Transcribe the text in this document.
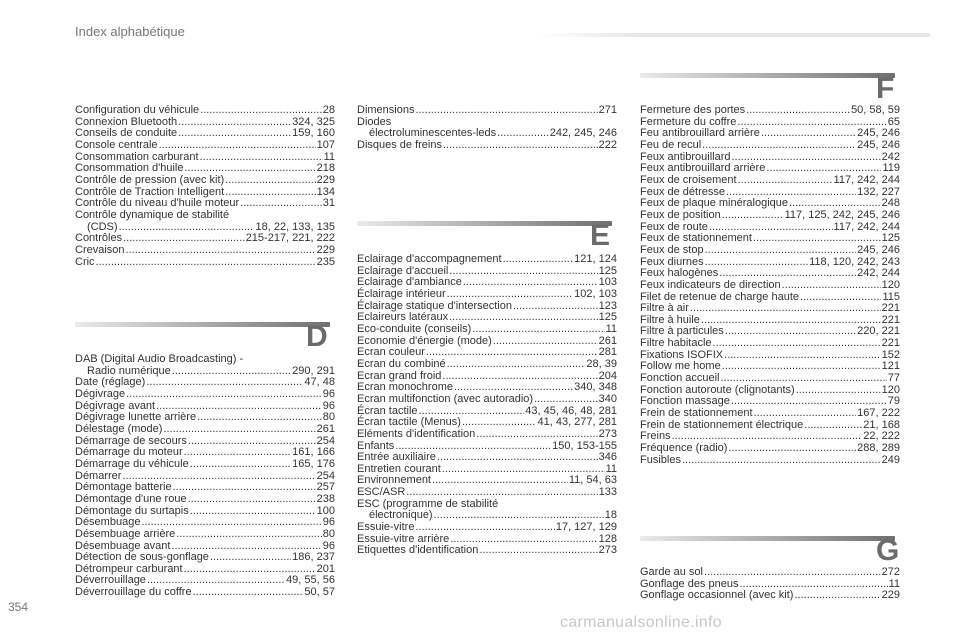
Index alphabétique
Configuration du véhicule .....	28
Connexion Bluetooth .....	324, 325
Conseils de conduite .....	159, 160
Console centrale .....	107
Consommation carburant .....	11
Consommation d'huile .....	218
Contrôle de pression (avec kit) .....	229
Contrôle de Traction Intelligent .....	134
Contrôle du niveau d'huile moteur .....	31
Contrôle dynamique de stabilité
(CDS) .....	18, 22, 133, 135
Contrôles .....	215-217, 221, 222
Crevaison .....	229
Cric .....	235
D
DAB (Digital Audio Broadcasting) -
Radio numérique .....	290, 291
Date (réglage) .....	47, 48
Dégivrage .....	96
Dégivrage avant .....	96
Dégivrage lunette arrière .....	80
Délestage (mode) .....	261
Démarrage de secours .....	254
Démarrage du moteur .....	161, 166
Démarrage du véhicule .....	165, 176
Démarrer .....	254
Démontage batterie .....	257
Démontage d'une roue .....	238
Démontage du surtapis .....	100
Désembuage .....	96
Désembuage arrière .....	80
Désembuage avant .....	96
Détection de sous-gonflage .....	186, 237
Détrompeur carburant .....	201
Déverrouillage .....	49, 55, 56
Déverrouillage du coffre .....	50, 57
Dimensions .....	271
Diodes
électroluminescentes-leds .....	242, 245, 246
Disques de freins .....	222
E
Eclairage d'accompagnement .....	121, 124
Eclairage d'accueil .....	125
Eclairage d'ambiance .....	103
Éclairage intérieur .....	102, 103
Éclairage statique d'intersection .....	123
Eclaireurs latéraux .....	125
Eco-conduite (conseils) .....	11
Economie d'énergie (mode) .....	261
Ecran couleur .....	281
Ecran du combiné .....	28, 39
Ecran grand froid .....	204
Ecran monochrome .....	340, 348
Ecran multifonction (avec autoradio) .....	340
Écran tactile .....	43, 45, 46, 48, 281
Écran tactile (Menus) .....	41, 43, 277, 281
Eléments d'identification .....	273
Enfants .....	150, 153-155
Entrée auxiliaire .....	346
Entretien courant .....	11
Environnement .....	11, 54, 63
ESC/ASR .....	133
ESC (programme de stabilité
électronique) .....	18
Essuie-vitre .....	17, 127, 129
Essuie-vitre arrière .....	128
Etiquettes d'identification .....	273
F
Fermeture des portes .....	50, 58, 59
Fermeture du coffre .....	65
Feu antibrouillard arrière .....	245, 246
Feu de recul .....	245, 246
Feux antibrouillard .....	242
Feux antibrouillard arrière .....	119
Feux de croisement .....	117, 242, 244
Feux de détresse .....	132, 227
Feux de plaque minéralogique .....	248
Feux de position .....	117, 125, 242, 245, 246
Feux de route .....	117, 242, 244
Feux de stationnement .....	125
Feux de stop .....	245, 246
Feux diurnes .....	118, 120, 242, 243
Feux halogènes .....	242, 244
Feux indicateurs de direction .....	120
Filet de retenue de charge haute .....	115
Filtre à air .....	221
Filtre à huile .....	221
Filtre à particules .....	220, 221
Filtre habitacle .....	221
Fixations ISOFIX .....	152
Follow me home .....	121
Fonction accueil .....	77
Fonction autoroute (clignotants) .....	120
Fonction massage .....	79
Frein de stationnement .....	167, 222
Frein de stationnement électrique .....	21, 168
Freins .....	22, 222
Fréquence (radio) .....	288, 289
Fusibles .....	249
G
Garde au sol .....	272
Gonflage des pneus .....	11
Gonflage occasionnel (avec kit) .....	229
354
carmanualsonline.info
